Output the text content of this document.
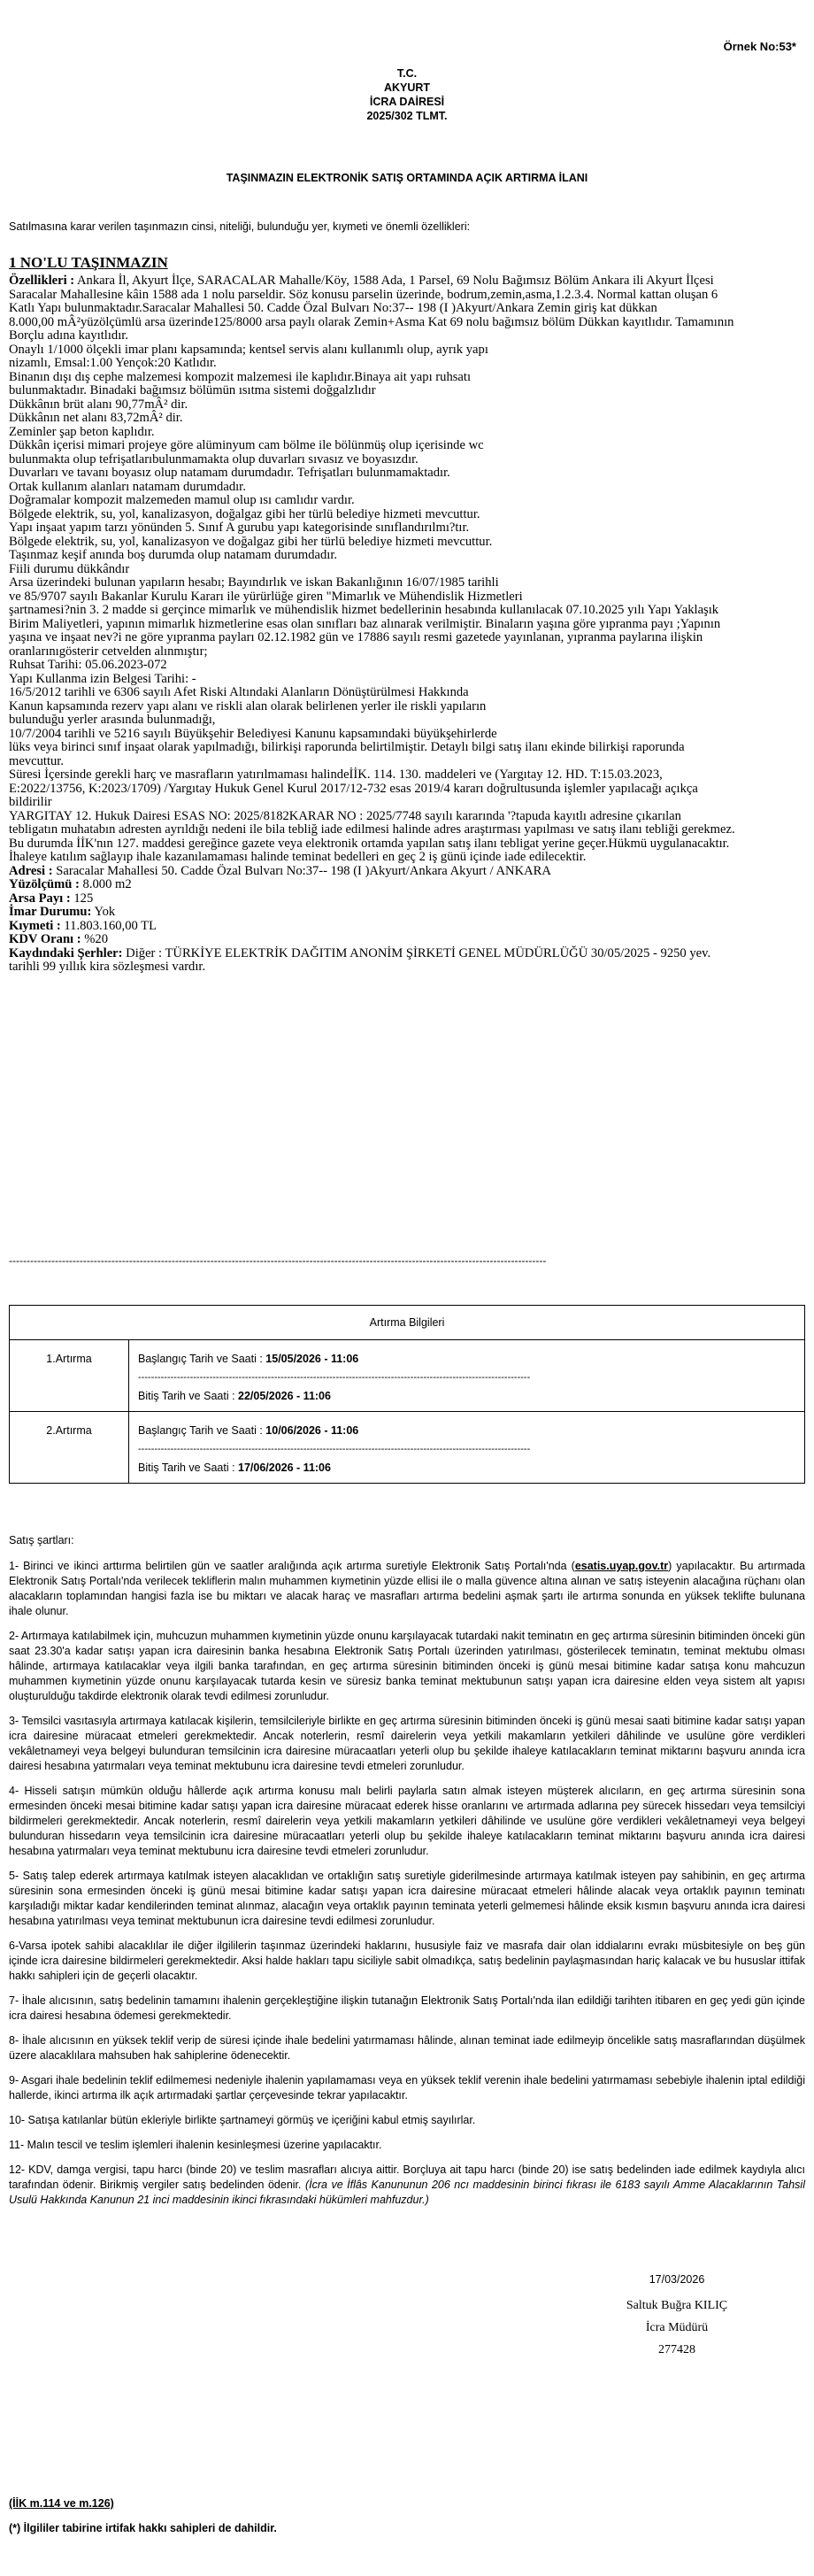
Örnek No:53*
T.C.
AKYURT
İCRA DAİRESİ
2025/302 TLMT.
TAŞINMAZIN ELEKTRONİK SATIŞ ORTAMINDA AÇIK ARTIRMA İLANI
Satılmasına karar verilen taşınmazın cinsi, niteliği, bulunduğu yer, kıymeti ve önemli özellikleri:
1 NO'LU TAŞINMAZIN
Özellikleri : Ankara İl, Akyurt İlçe, SARACALAR Mahalle/Köy, 1588 Ada, 1 Parsel, 69 Nolu Bağımsız Bölüm Ankara ili Akyurt İlçesi
Saracalar Mahallesine kâin 1588 ada 1 nolu parseldir. Söz konusu parselin üzerinde, bodrum,zemin,asma,1.2.3.4. Normal kattan oluşan 6
Katlı Yapı bulunmaktadır.Saracalar Mahallesi 50. Cadde Özal Bulvarı No:37-- 198 (I )Akyurt/Ankara Zemin giriş kat dükkan
8.000,00 mÂ²yüzölçümlü arsa üzerinde125/8000 arsa paylı olarak Zemin+Asma Kat 69 nolu bağımsız bölüm Dükkan kayıtlıdır. Tamamının
Borçlu adına kayıtlıdır.
Onaylı 1/1000 ölçekli imar planı kapsamında; kentsel servis alanı kullanımlı olup, ayrık yapı
nizamlı, Emsal:1.00 Yençok:20 Katlıdır.
Binanın dışı dış cephe malzemesi kompozit malzemesi ile kaplıdır.Binaya ait yapı ruhsatı
bulunmaktadır. Binadaki bağımsız bölümün ısıtma sistemi doğgalzlıdır
Dükkânın brüt alanı 90,77mÂ² dir.
Dükkânın net alanı 83,72mÂ² dir.
Zeminler şap beton kaplıdır.
Dükkân içerisi mimari projeye göre alüminyum cam bölme ile bölünmüş olup içerisinde wc
bulunmakta olup tefrişatlarıbulunmamakta olup duvarları sıvasız ve boyasızdır.
Duvarları ve tavanı boyasız olup natamam durumdadır. Tefrişatları bulunmamaktadır.
Ortak kullanım alanları natamam durumdadır.
Doğramalar kompozit malzemeden mamul olup ısı camlıdır vardır.
Bölgede elektrik, su, yol, kanalizasyon, doğalgaz gibi her türlü belediye hizmeti mevcuttur.
Yapı inşaat yapım tarzı yönünden 5. Sınıf A gurubu yapı kategorisinde sınıflandırılmı?tır.
Bölgede elektrik, su, yol, kanalizasyon ve doğalgaz gibi her türlü belediye hizmeti mevcuttur.
Taşınmaz keşif anında boş durumda olup natamam durumdadır.
Fiili durumu dükkândır
Arsa üzerindeki bulunan yapıların hesabı; Bayındırlık ve iskan Bakanlığının 16/07/1985 tarihli
ve 85/9707 sayılı Bakanlar Kurulu Kararı ile yürürlüğe giren "Mimarlık ve Mühendislik Hizmetleri
şartnamesi?nin 3. 2 madde si gerçince mimarlık ve mühendislik hizmet bedellerinin hesabında kullanılacak 07.10.2025 yılı Yapı Yaklaşık
Birim Maliyetleri, yapının mimarlık hizmetlerine esas olan sınıfları baz alınarak verilmiştir. Binaların yaşına göre yıpranma payı ;Yapının
yaşına ve inşaat nev?i ne göre yıpranma payları 02.12.1982 gün ve 17886 sayılı resmi gazetede yayınlanan, yıpranma paylarına ilişkin
oranlarınıgösterir cetvelden alınmıştır;
Ruhsat Tarihi: 05.06.2023-072
Yapı Kullanma izin Belgesi Tarihi: -
16/5/2012 tarihli ve 6306 sayılı Afet Riski Altındaki Alanların Dönüştürülmesi Hakkında
Kanun kapsamında rezerv yapı alanı ve riskli alan olarak belirlenen yerler ile riskli yapıların
bulunduğu yerler arasında bulunmadığı,
10/7/2004 tarihli ve 5216 sayılı Büyükşehir Belediyesi Kanunu kapsamındaki büyükşehirlerde
lüks veya birinci sınıf inşaat olarak yapılmadığı, bilirkişi raporunda belirtilmiştir. Detaylı bilgi satış ilanı ekinde bilirkişi raporunda
mevcuttur.
Süresi İçersinde gerekli harç ve masrafların yatırılmaması halindeİİK. 114. 130. maddeleri ve (Yargıtay 12. HD. T:15.03.2023,
E:2022/13756, K:2023/1709) /Yargıtay Hukuk Genel Kurul 2017/12-732 esas 2019/4 kararı doğrultusunda işlemler yapılacağı açıkça
bildirilir
YARGITAY 12. Hukuk Dairesi ESAS NO: 2025/8182KARAR NO : 2025/7748 sayılı kararında '?tapuda kayıtlı adresine çıkarılan
tebligatın muhatabın adresten ayrıldığı nedeni ile bila tebliğ iade edilmesi halinde adres araştırması yapılması ve satış ilanı tebliği gerekmez.
Bu durumda İİK'nın 127. maddesi gereğince gazete veya elektronik ortamda yapılan satış ilanı tebligat yerine geçer.Hükmü uygulanacaktır.
İhaleye katılım sağlayıp ihale kazanılamaması halinde teminat bedelleri en geç 2 iş günü içinde iade edilecektir.
Adresi : Saracalar Mahallesi 50. Cadde Özal Bulvarı No:37-- 198 (I )Akyurt/Ankara Akyurt / ANKARA
Yüzölçümü : 8.000 m2
Arsa Payı : 125
İmar Durumu: Yok
Kıymeti : 11.803.160,00 TL
KDV Oranı : %20
Kaydındaki Şerhler: Diğer : TÜRKİYE ELEKTRİK DAĞITIM ANONİM ŞİRKETİ GENEL MÜDÜRLÜĞÜ 30/05/2025 - 9250 yev.
tarihli 99 yıllık kira sözleşmesi vardır.
--------------------------------------------------------------------------------------------------------------------------------------------------------
Artırma Bilgileri	
1.Artırma	Başlangıç Tarih ve Saati : 15/05/2026 - 11:06
-------------------------------------------------------------------------------------------------------------------------
Bitiş Tarih ve Saati : 22/05/2026 - 11:06

2.Artırma	Başlangıç Tarih ve Saati : 10/06/2026 - 11:06
-------------------------------------------------------------------------------------------------------------------------
Bitiş Tarih ve Saati : 17/06/2026 - 11:06

Satış şartları:

1- Birinci ve ikinci arttırma belirtilen gün ve saatler aralığında açık artırma suretiyle Elektronik Satış Portalı'nda (esatis.uyap.gov.tr) yapılacaktır. Bu artırmada Elektronik Satış Portalı'nda verilecek tekliflerin malın muhammen kıymetinin yüzde ellisi ile o malla güvence altına alınan ve satış isteyenin alacağına rüçhanı olan alacakların toplamından hangisi fazla ise bu miktarı ve alacak haraç ve masrafları artırma bedelini aşmak şartı ile artırma sonunda en yüksek teklifte bulunana ihale olunur.

2- Artırmaya katılabilmek için, muhcuzun muhammen kıymetinin yüzde onunu karşılayacak tutardaki nakit teminatın en geç artırma süresinin bitiminden önceki gün saat 23.30'a kadar satışı yapan icra dairesinin banka hesabına Elektronik Satış Portalı üzerinden yatırılması, gösterilecek teminatın, teminat mektubu olması hâlinde, artırmaya katılacaklar veya ilgili banka tarafından, en geç artırma süresinin bitiminden önceki iş günü mesai bitimine kadar satışa konu mahcuzun muhammen kıymetinin yüzde onunu karşılayacak tutarda kesin ve süresiz banka teminat mektubunun satışı yapan icra dairesine elden veya sistem alt yapısı oluşturulduğu takdirde elektronik olarak tevdi edilmesi zorunludur.

3- Temsilci vasıtasıyla artırmaya katılacak kişilerin, temsilcileriyle birlikte en geç artırma süresinin bitiminden önceki iş günü mesai saati bitimine kadar satışı yapan icra dairesine müracaat etmeleri gerekmektedir. Ancak noterlerin, resmî dairelerin veya yetkili makamların yetkileri dâhilinde ve usulüne göre verdikleri vekâletnameyi veya belgeyi bulunduran temsilcinin icra dairesine müracaatları yeterli olup bu şekilde ihaleye katılacakların teminat miktarını başvuru anında icra dairesi hesabına yatırmaları veya teminat mektubunu icra dairesine tevdi etmeleri zorunludur.

4- Hisseli satışın mümkün olduğu hâllerde açık artırma konusu malı belirli paylarla satın almak isteyen müşterek alıcıların, en geç artırma süresinin sona ermesinden önceki mesai bitimine kadar satışı yapan icra dairesine müracaat ederek hisse oranlarını ve artırmada adlarına pey sürecek hissedarı veya temsilciyi bildirmeleri gerekmektedir. Ancak noterlerin, resmî dairelerin veya yetkili makamların yetkileri dâhilinde ve usulüne göre verdikleri vekâletnameyi veya belgeyi bulunduran hissedarın veya temsilcinin icra dairesine müracaatları yeterli olup bu şekilde ihaleye katılacakların teminat miktarını başvuru anında icra dairesi hesabına yatırmaları veya teminat mektubunu icra dairesine tevdi etmeleri zorunludur.

5- Satış talep ederek artırmaya katılmak isteyen alacaklıdan ve ortaklığın satış suretiyle giderilmesinde artırmaya katılmak isteyen pay sahibinin, en geç artırma süresinin sona ermesinden önceki iş günü mesai bitimine kadar satışı yapan icra dairesine müracaat etmeleri hâlinde alacak veya ortaklık payının teminatı karşıladığı miktar kadar kendilerinden teminat alınmaz, alacağın veya ortaklık payının teminata yeterli gelmemesi hâlinde eksik kısmın başvuru anında icra dairesi hesabına yatırılması veya teminat mektubunun icra dairesine tevdi edilmesi zorunludur.

6-Varsa ipotek sahibi alacaklılar ile diğer ilgililerin taşınmaz üzerindeki haklarını, hususiyle faiz ve masrafa dair olan iddialarını evrakı müsbitesiyle on beş gün içinde icra dairesine bildirmeleri gerekmektedir. Aksi halde hakları tapu siciliyle sabit olmadıkça, satış bedelinin paylaşmasından hariç kalacak ve bu hususlar ittifak hakkı sahipleri için de geçerli olacaktır.

7- İhale alıcısının, satış bedelinin tamamını ihalenin gerçekleştiğine ilişkin tutanağın Elektronik Satış Portalı'nda ilan edildiği tarihten itibaren en geç yedi gün içinde icra dairesi hesabına ödemesi gerekmektedir.

8- İhale alıcısının en yüksek teklif verip de süresi içinde ihale bedelini yatırmaması hâlinde, alınan teminat iade edilmeyip öncelikle satış masraflarından düşülmek üzere alacaklılara mahsuben hak sahiplerine ödenecektir.

9- Asgari ihale bedelinin teklif edilmemesi nedeniyle ihalenin yapılamaması veya en yüksek teklif verenin ihale bedelini yatırmaması sebebiyle ihalenin iptal edildiği hallerde, ikinci artırma ilk açık artırmadaki şartlar çerçevesinde tekrar yapılacaktır.

10- Satışa katılanlar bütün ekleriyle birlikte şartnameyi görmüş ve içeriğini kabul etmiş sayılırlar.

11- Malın tescil ve teslim işlemleri ihalenin kesinleşmesi üzerine yapılacaktır.

12- KDV, damga vergisi, tapu harcı (binde 20) ve teslim masrafları alıcıya aittir. Borçluya ait tapu harcı (binde 20) ise satış bedelinden iade edilmek kaydıyla alıcı tarafından ödenir. Birikmiş vergiler satış bedelinden ödenir. (İcra ve İflâs Kanununun 206 ncı maddesinin birinci fıkrası ile 6183 sayılı Amme Alacaklarının Tahsil Usulü Hakkında Kanunun 21 inci maddesinin ikinci fıkrasındaki hükümleri mahfuzdur.)

17/03/2026
Saltuk Buğra KILIÇ
İcra Müdürü
277428
(İİK m.114 ve m.126)
(*) İlgililer tabirine irtifak hakkı sahipleri de dahildir.
